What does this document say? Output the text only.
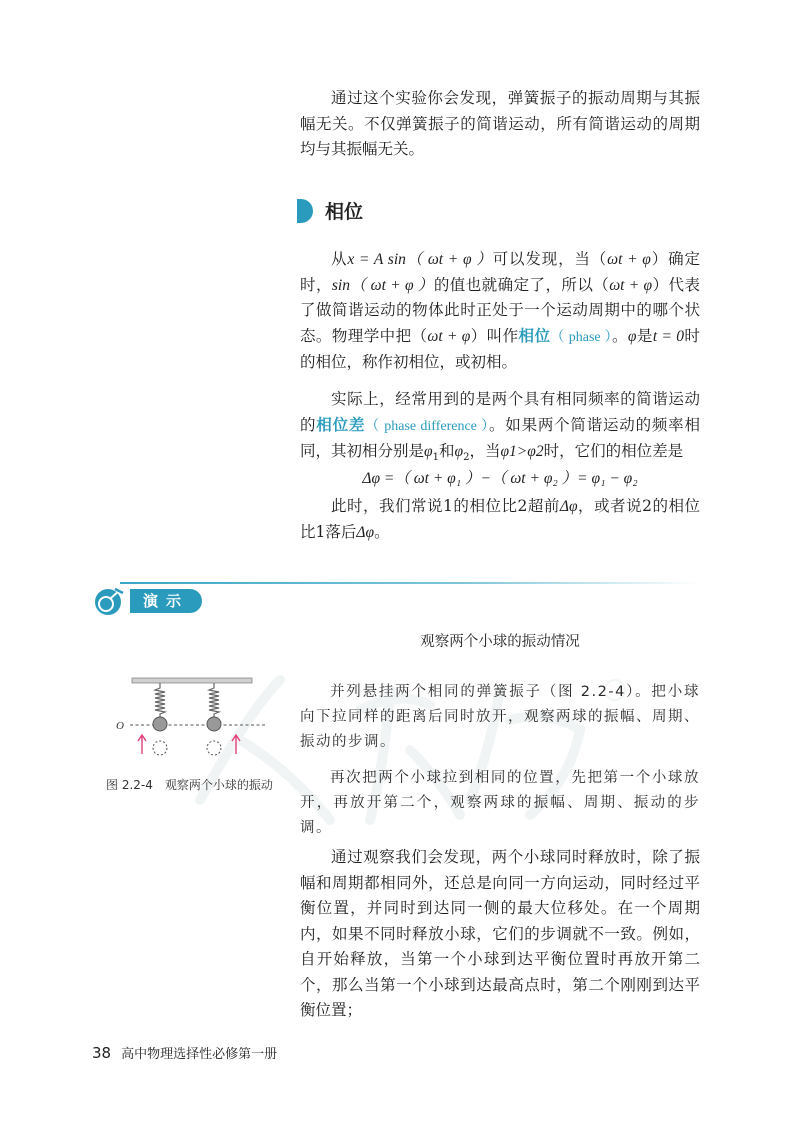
通过这个实验你会发现，弹簧振子的振动周期与其振幅无关。不仅弹簧振子的简谐运动，所有简谐运动的周期均与其振幅无关。

相位

从x = A sin（ ωt + φ ）可以发现，当（ωt + φ）确定时，sin（ ωt + φ ）的值也就确定了，所以（ωt + φ）代表了做简谐运动的物体此时正处于一个运动周期中的哪个状态。物理学中把（ωt + φ）叫作相位（ phase ）。φ是t = 0时的相位，称作初相位，或初相。

实际上，经常用到的是两个具有相同频率的简谐运动的相位差（ phase difference ）。如果两个简谐运动的频率相同，其初相分别是$\varphi_1$和$\varphi_2$，当φ1>φ2时，它们的相位差是

Δφ =（ ωt + φ₁ ）−（ ωt + φ₂ ）= φ₁ − φ₂

此时，我们常说1的相位比2超前Δφ，或者说2的相位比1落后Δφ。

演示
观察两个小球的振动情况
O
图 2.2-4　观察两个小球的振动

并列悬挂两个相同的弹簧振子（图 2.2-4）。把小球向下拉同样的距离后同时放开，观察两球的振幅、周期、振动的步调。

再次把两个小球拉到相同的位置，先把第一个小球放开，再放开第二个，观察两球的振幅、周期、振动的步调。

通过观察我们会发现，两个小球同时释放时，除了振幅和周期都相同外，还总是向同一方向运动，同时经过平衡位置，并同时到达同一侧的最大位移处。在一个周期内，如果不同时释放小球，它们的步调就不一致。例如，自开始释放，当第一个小球到达平衡位置时再放开第二个，那么当第一个小球到达最高点时，第二个刚刚到达平衡位置；

38 高中物理选择性必修第一册
